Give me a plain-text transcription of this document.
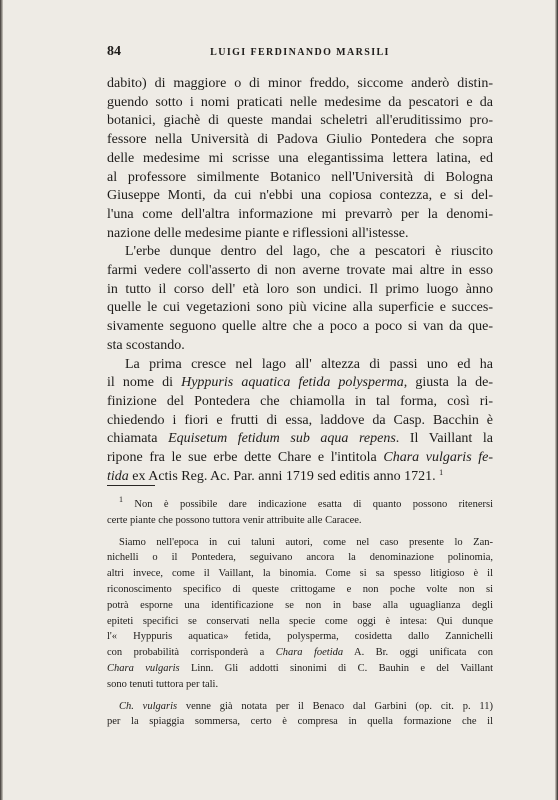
84	LUIGI FERDINANDO MARSILI
dabito) di maggiore o di minor freddo, siccome anderò distin-
guendo sotto i nomi praticati nelle medesime da pescatori e da
botanici, giachè di queste mandai scheletri all'eruditissimo pro-
fessore nella Università di Padova Giulio Pontedera che sopra
delle medesime mi scrisse una elegantissima lettera latina, ed
al professore similmente Botanico nell'Università di Bologna
Giuseppe Monti, da cui n'ebbi una copiosa contezza, e si del-
l'una come dell'altra informazione mi prevarrò per la denomi-
nazione delle medesime piante e riflessioni all'istesse.
L'erbe dunque dentro del lago, che a pescatori è riuscito
farmi vedere coll'asserto di non averne trovate mai altre in esso
in tutto il corso dell' età loro son undici. Il primo luogo ànno
quelle le cui vegetazioni sono più vicine alla superficie e succes-
sivamente seguono quelle altre che a poco a poco si van da que-
sta scostando.
La prima cresce nel lago all' altezza di passi uno ed ha
il nome di Hyppuris aquatica fetida polysperma, giusta la de-
finizione del Pontedera che chiamolla in tal forma, così ri-
chiedendo i fiori e frutti di essa, laddove da Casp. Bacchin è
chiamata Equisetum fetidum sub aqua repens. Il Vaillant la
ripone fra le sue erbe dette Chare e l'intitola Chara vulgaris fe-
tida ex Actis Reg. Ac. Par. anni 1719 sed editis anno 1721. $^1$
$^1$ Non è possibile dare indicazione esatta di quanto possono ritenersi
certe piante che possono tuttora venir attribuite alle Caracee.
Siamo nell'epoca in cui taluni autori, come nel caso presente lo Zan-
nichelli o il Pontedera, seguivano ancora la denominazione polinomia,
altri invece, come il Vaillant, la binomia. Come si sa spesso litigioso è il
riconoscimento specifico di queste crittogame e non poche volte non si
potrà esporne una identificazione se non in base alla uguaglianza degli
epiteti specifici se conservati nella specie come oggi è intesa: Qui dunque
l'« Hyppuris aquatica» fetida, polysperma, cosidetta dallo Zannichelli
con probabilità corrisponderà a Chara foetida A. Br. oggi unificata con
Chara vulgaris Linn. Gli addotti sinonimi di C. Bauhin e del Vaillant
sono tenuti tuttora per tali.
Ch. vulgaris venne già notata per il Benaco dal Garbini (op. cit. p. 11)
per la spiaggia sommersa, certo è compresa in quella formazione che il
